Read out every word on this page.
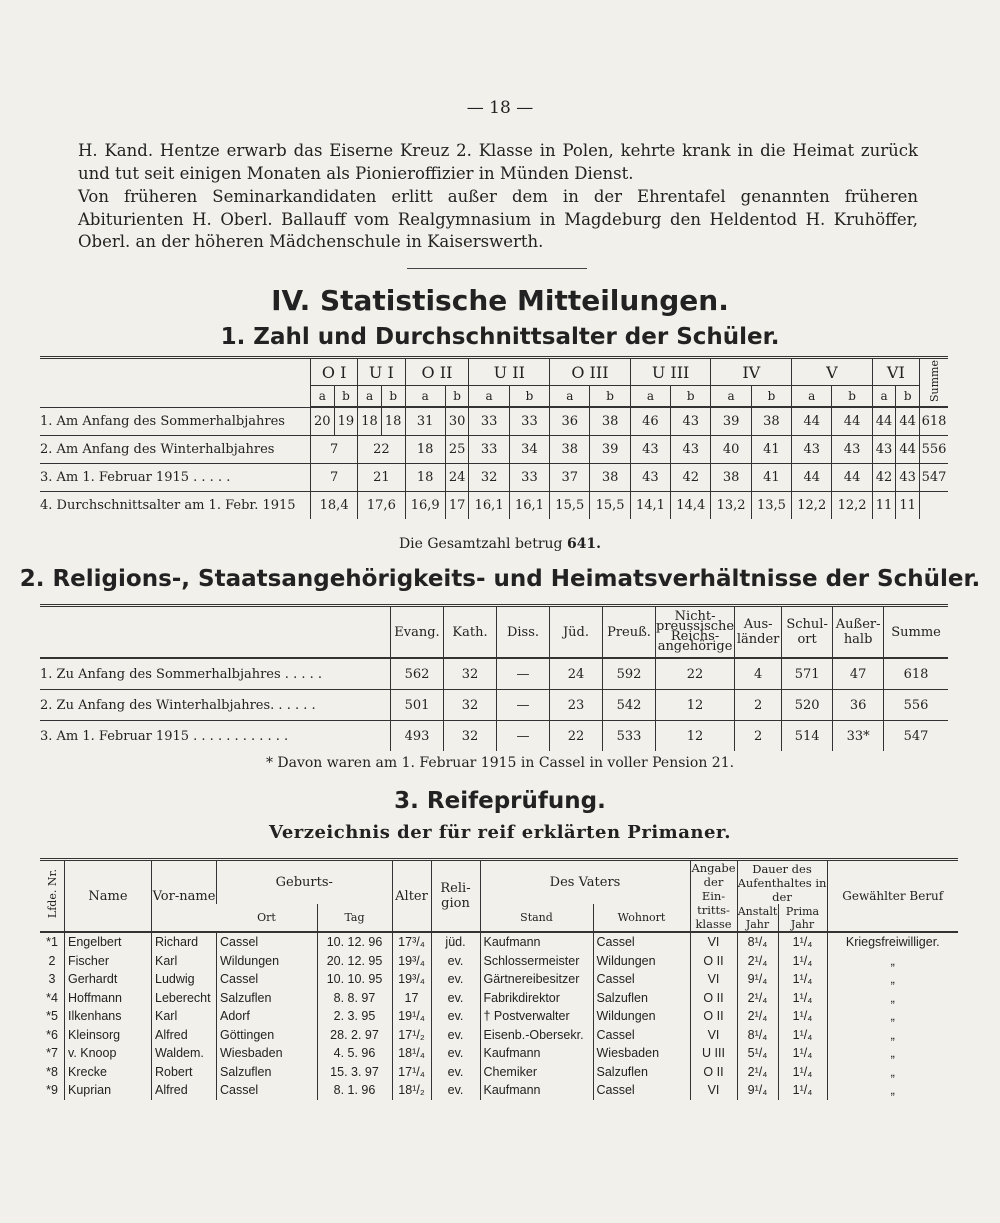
— 18 —

H. Kand. Hentze erwarb das Eiserne Kreuz 2. Klasse in Polen, kehrte krank in die Heimat zurück und tut seit einigen Monaten als Pionieroffizier in Münden Dienst.

Von früheren Seminarkandidaten erlitt außer dem in der Ehrentafel genannten früheren Abiturienten H. Oberl. Ballauff vom Realgymnasium in Magdeburg den Heldentod H. Kruhöffer, Oberl. an der höheren Mädchenschule in Kaiserswerth.

IV. Statistische Mitteilungen.
1. Zahl und Durchschnittsalter der Schüler.
	O I		U I		O II		U II		O III		U III		IV		V		VI		Summe
	a	b	a	b	a	b	a	b	a	b	a	b	a	b	a	b	a	b	
1. Am Anfang des Sommerhalbjahres	20	19	18	18	31	30	33	33	36	38	46	43	39	38	44	44	44	44	618
2. Am Anfang des Winterhalbjahres	7		22		18	25	33	34	38	39	43	43	40	41	43	43	43	44	556
3. Am 1. Februar 1915 . . . . .	7		21		18	24	32	33	37	38	43	42	38	41	44	44	42	43	547
4. Durchschnittsalter am 1. Febr. 1915	18,4		17,6		16,9	17	16,1	16,1	15,5	15,5	14,1	14,4	13,2	13,5	12,2	12,2	11	11	
Die Gesamtzahl betrug 641.
2. Religions-, Staatsangehörigkeits- und Heimatsverhältnisse der Schüler.
	Evang.	Kath.	Diss.	Jüd.	Preuß.	Nicht-preussische Reichs-angehörige	Aus-länder	Schul-ort	Außer-halb	Summe
1. Zu Anfang des Sommerhalbjahres . . . . .	562	32	—	24	592	22	4	571	47	618
2. Zu Anfang des Winterhalbjahres. . . . . .	501	32	—	23	542	12	2	520	36	556
3. Am 1. Februar 1915 . . . . . . . . . . . .	493	32	—	22	533	12	2	514	33*	547
* Davon waren am 1. Februar 1915 in Cassel in voller Pension 21.
3. Reifeprüfung.
Verzeichnis der für reif erklärten Primaner.
Lfde. Nr.	Name	Vor-name	Geburts-		Alter	Reli-gion	Des Vaters		Angabe der Ein-tritts-klasse	Dauer des Aufenthaltes in der		Gewählter Beruf
			Ort	Tag			Stand	Wohnort		Anstalt Jahr	Prima Jahr	
*1	Engelbert	Richard	Cassel	10. 12. 96	17³/₄	jüd.	Kaufmann	Cassel	VI	8¹/₄	1¹/₄	Kriegsfreiwilliger.
2	Fischer	Karl	Wildungen	20. 12. 95	19³/₄	ev.	Schlossermeister	Wildungen	O II	2¹/₄	1¹/₄	„
3	Gerhardt	Ludwig	Cassel	10. 10. 95	19³/₄	ev.	Gärtnereibesitzer	Cassel	VI	9¹/₄	1¹/₄	„
*4	Hoffmann	Leberecht	Salzuflen	8. 8. 97	17	ev.	Fabrikdirektor	Salzuflen	O II	2¹/₄	1¹/₄	„
*5	Ilkenhans	Karl	Adorf	2. 3. 95	19¹/₄	ev.	† Postverwalter	Wildungen	O II	2¹/₄	1¹/₄	„
*6	Kleinsorg	Alfred	Göttingen	28. 2. 97	17¹/₂	ev.	Eisenb.-Obersekr.	Cassel	VI	8¹/₄	1¹/₄	„
*7	v. Knoop	Waldem.	Wiesbaden	4. 5. 96	18¹/₄	ev.	Kaufmann	Wiesbaden	U III	5¹/₄	1¹/₄	„
*8	Krecke	Robert	Salzuflen	15. 3. 97	17¹/₄	ev.	Chemiker	Salzuflen	O II	2¹/₄	1¹/₄	„
*9	Kuprian	Alfred	Cassel	8. 1. 96	18¹/₂	ev.	Kaufmann	Cassel	VI	9¹/₄	1¹/₄	„
